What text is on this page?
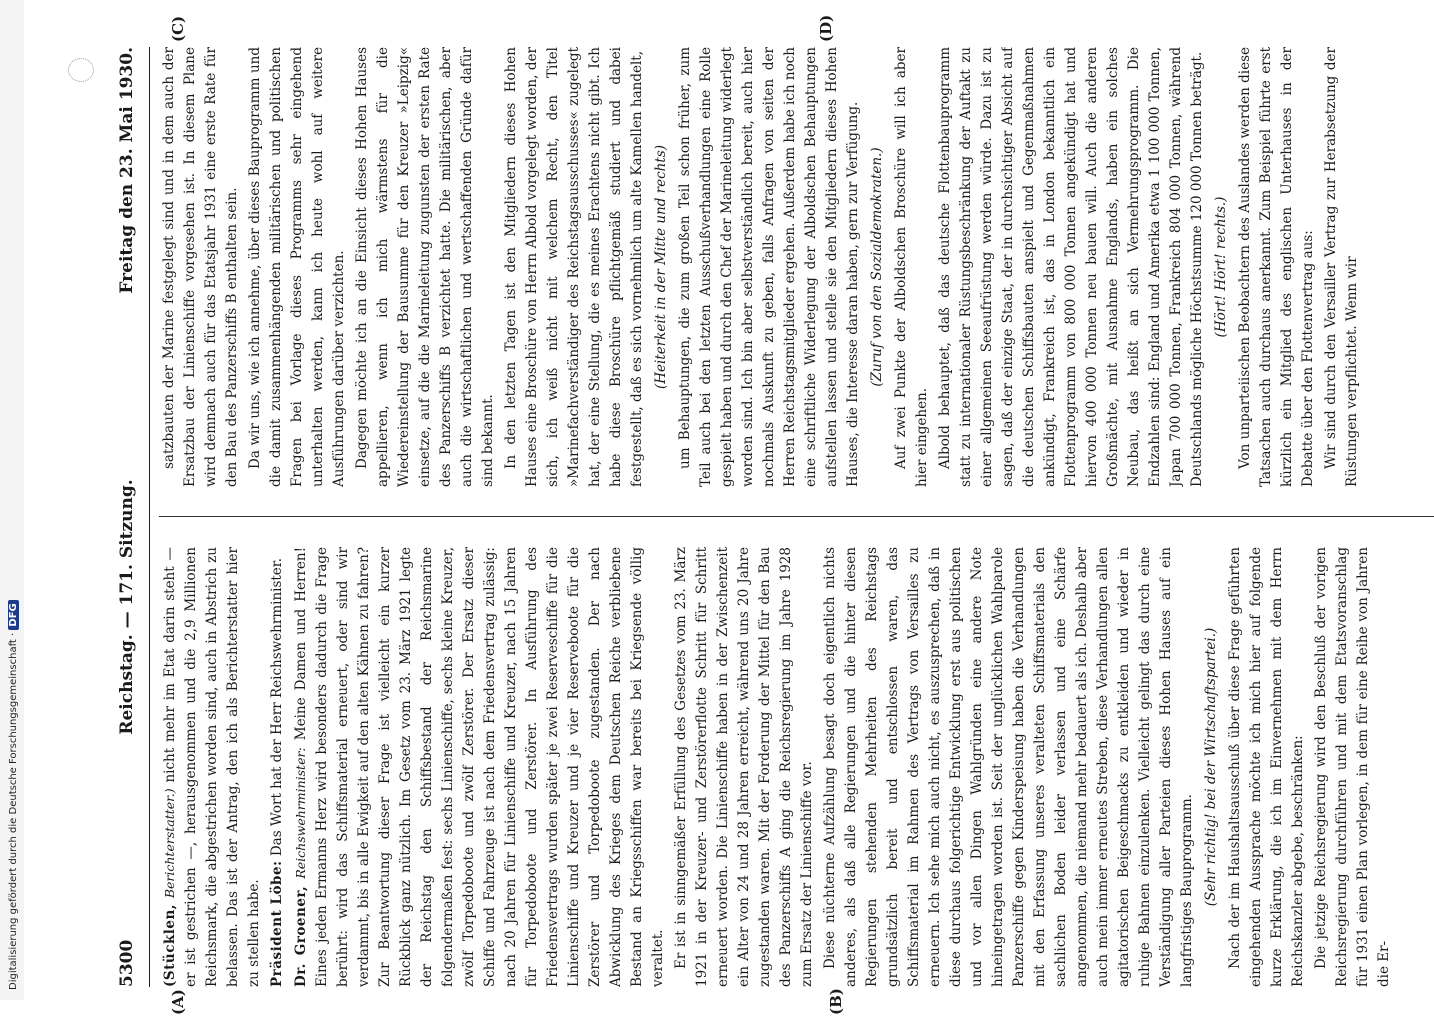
Digitalisierung gefördert durch die Deutsche Forschungsgemeinschaft · DFG
5300
Reichstag. — 171. Sitzung.
Freitag den 23. Mai 1930.
(A)	(B)
(C)	(D)

(Stücklen, Berichterstatter.) nicht mehr im Etat darin steht — er ist gestrichen —, herausgenommen und die 2,9 Millionen Reichsmark, die abgestrichen worden sind, auch in Abstrich zu belassen. Das ist der Antrag, den ich als Berichterstatter hier zu stellen habe. Präsident Löbe: Das Wort hat der Herr Reichswehrminister.

Dr. Groener, Reichswehrminister: Meine Damen und Herren! Eines jeden Ermanns Herz wird besonders dadurch die Frage berührt: wird das Schiffsmaterial erneuert, oder sind wir verdammt, bis in alle Ewigkeit auf den alten Kähnen zu fahren? Zur Beantwortung dieser Frage ist vielleicht ein kurzer Rückblick ganz nützlich. Im Gesetz vom 23. März 1921 legte der Reichstag den Schiffsbestand der Reichsmarine folgendermaßen fest: sechs Linienschiffe, sechs kleine Kreuzer, zwölf Torpedoboote und zwölf Zerstörer. Der Ersatz dieser Schiffe und Fahrzeuge ist nach dem Friedensvertrag zulässig: nach 20 Jahren für Linienschiffe und Kreuzer, nach 15 Jahren für Torpedoboote und Zerstörer. In Ausführung des Friedensvertrags wurden später je zwei Reserveschiffe für die Linienschiffe und Kreuzer und je vier Reserveboote für die Zerstörer und Torpedoboote zugestanden. Der nach Abwicklung des Krieges dem Deutschen Reiche verbliebene Bestand an Kriegsschiffen war bereits bei Kriegsende völlig veraltet. Er ist in sinngemäßer Erfüllung des Gesetzes vom 23. März 1921 in der Kreuzer- und Zerstörerflotte Schritt für Schritt erneuert worden. Die Linienschiffe haben in der Zwischenzeit ein Alter von 24 und 28 Jahren erreicht, während uns 20 Jahre zugestanden waren. Mit der Forderung der Mittel für den Bau des Panzerschiffs A ging die Reichsregierung im Jahre 1928 zum Ersatz der Linienschiffe vor. Diese nüchterne Aufzählung besagt doch eigentlich nichts anderes, als daß alle Regierungen und die hinter diesen Regierungen stehenden Mehrheiten des Reichstags grundsätzlich bereit und entschlossen waren, das Schiffsmaterial im Rahmen des Vertrags von Versailles zu erneuern. Ich sehe mich auch nicht, es auszusprechen, daß in diese durchaus folgerichtige Entwicklung erst aus politischen und vor allen Dingen Wahlgründen eine andere Note hineingetragen worden ist. Seit der unglücklichen Wahlparole Panzerschiffe gegen Kinderspeisung haben die Verhandlungen mit den Erfassung unseres veralteten Schiffsmaterials den sachlichen Boden leider verlassen und eine Schärfe angenommen, die niemand mehr bedauert als ich. Deshalb aber auch mein immer erneutes Streben, diese Verhandlungen allen agitatorischen Beigeschmacks zu entkleiden und wieder in ruhige Bahnen einzulenken. Vielleicht gelingt das durch eine Verständigung aller Parteien dieses Hohen Hauses auf ein langfristiges Bauprogramm. (Sehr richtig! bei der Wirtschaftspartei.) Nach der im Haushaltsausschuß über diese Frage geführten eingehenden Aussprache möchte ich mich hier auf folgende kurze Erklärung, die ich im Einvernehmen mit dem Herrn Reichskanzler abgebe, beschränken: Die jetzige Reichsregierung wird den Beschluß der vorigen Reichsregierung durchführen und mit dem Etatsvoranschlag für 1931 einen Plan vorlegen, in dem für eine Reihe von Jahren die Er-

satzbauten der Marine festgelegt sind und in dem auch der Ersatzbau der Linienschiffe vorgesehen ist. In diesem Plane wird demnach auch für das Etatsjahr 1931 eine erste Rate für den Bau des Panzerschiffs B enthalten sein. Da wir uns, wie ich annehme, über dieses Bauprogramm und die damit zusammenhängenden militärischen und politischen Fragen bei Vorlage dieses Programms sehr eingehend unterhalten werden, kann ich heute wohl auf weitere Ausführungen darüber verzichten. Dagegen möchte ich an die Einsicht dieses Hohen Hauses appellieren, wenn ich mich wärmstens für die Wiedereinstellung der Bausumme für den Kreuzer »Leipzig« einsetze, auf die die Marineleitung zugunsten der ersten Rate des Panzerschiffs B verzichtet hatte. Die militärischen, aber auch die wirtschaftlichen und wertschaffenden Gründe dafür sind bekannt. In den letzten Tagen ist den Mitgliedern dieses Hohen Hauses eine Broschüre von Herrn Albold vorgelegt worden, der sich, ich weiß nicht mit welchem Recht, den Titel »Marinefachverständiger des Reichstagsausschusses« zugelegt hat, der eine Stellung, die es meines Erachtens nicht gibt. Ich habe diese Broschüre pflichtgemäß studiert und dabei festgestellt, daß es sich vornehmlich um alte Kamellen handelt, (Heiterkeit in der Mitte und rechts) um Behauptungen, die zum großen Teil schon früher, zum Teil auch bei den letzten Ausschußverhandlungen eine Rolle gespielt haben und durch den Chef der Marineleitung widerlegt worden sind. Ich bin aber selbstverständlich bereit, auch hier nochmals Auskunft zu geben, falls Anfragen von seiten der Herren Reichstagsmitglieder ergehen. Außerdem habe ich noch eine schriftliche Widerlegung der Alboldschen Behauptungen aufstellen lassen und stelle sie den Mitgliedern dieses Hohen Hauses, die Interesse daran haben, gern zur Verfügung. (Zuruf von den Sozialdemokraten.) Auf zwei Punkte der Alboldschen Broschüre will ich aber hier eingehen. Albold behauptet, daß das deutsche Flottenbauprogramm statt zu internationaler Rüstungsbeschränkung der Auftakt zu einer allgemeinen Seeaufrüstung werden würde. Dazu ist zu sagen, daß der einzige Staat, der in durchsichtiger Absicht auf die deutschen Schiffsbauten anspielt und Gegenmaßnahmen ankündigt, Frankreich ist, das in London bekanntlich ein Flottenprogramm von 800 000 Tonnen angekündigt hat und hiervon 400 000 Tonnen neu bauen will. Auch die anderen Großmächte, mit Ausnahme Englands, haben ein solches Neubau, das heißt an sich Vermehrungsprogramm. Die Endzahlen sind: England und Amerika etwa 1 100 000 Tonnen, Japan 700 000 Tonnen, Frankreich 804 000 Tonnen, während Deutschlands mögliche Höchstsumme 120 000 Tonnen beträgt. (Hört! Hört! rechts.) Von unparteiischen Beobachtern des Auslandes werden diese Tatsachen auch durchaus anerkannt. Zum Beispiel führte erst kürzlich ein Mitglied des englischen Unterhauses in der Debatte über den Flottenvertrag aus: Wir sind durch den Versailler Vertrag zur Herabsetzung der Rüstungen verpflichtet. Wenn wir
